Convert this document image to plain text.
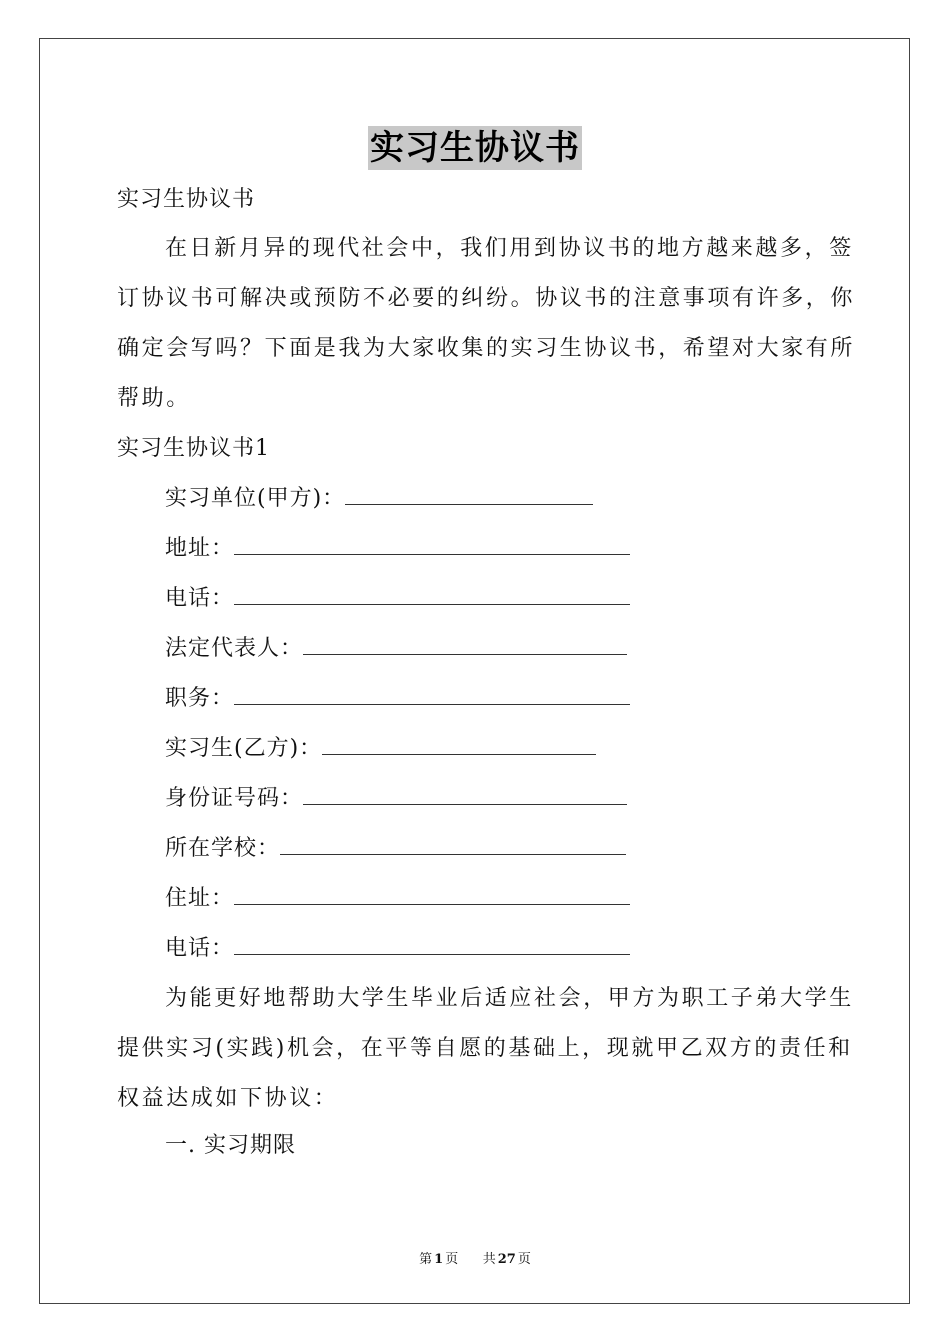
实习生协议书
实习生协议书
在日新月异的现代社会中，我们用到协议书的地方越来越多，签
订协议书可解决或预防不必要的纠纷。协议书的注意事项有许多，你
确定会写吗？下面是我为大家收集的实习生协议书，希望对大家有所
帮助。
实习生协议书1
实习单位(甲方)：
地址：
电话：
法定代表人：
职务：
实习生(乙方)：
身份证号码：
所在学校：
住址：
电话：
为能更好地帮助大学生毕业后适应社会，甲方为职工子弟大学生
提供实习(实践)机会，在平等自愿的基础上，现就甲乙双方的责任和
权益达成如下协议：
一. 实习期限
第 1 页 共 27 页
